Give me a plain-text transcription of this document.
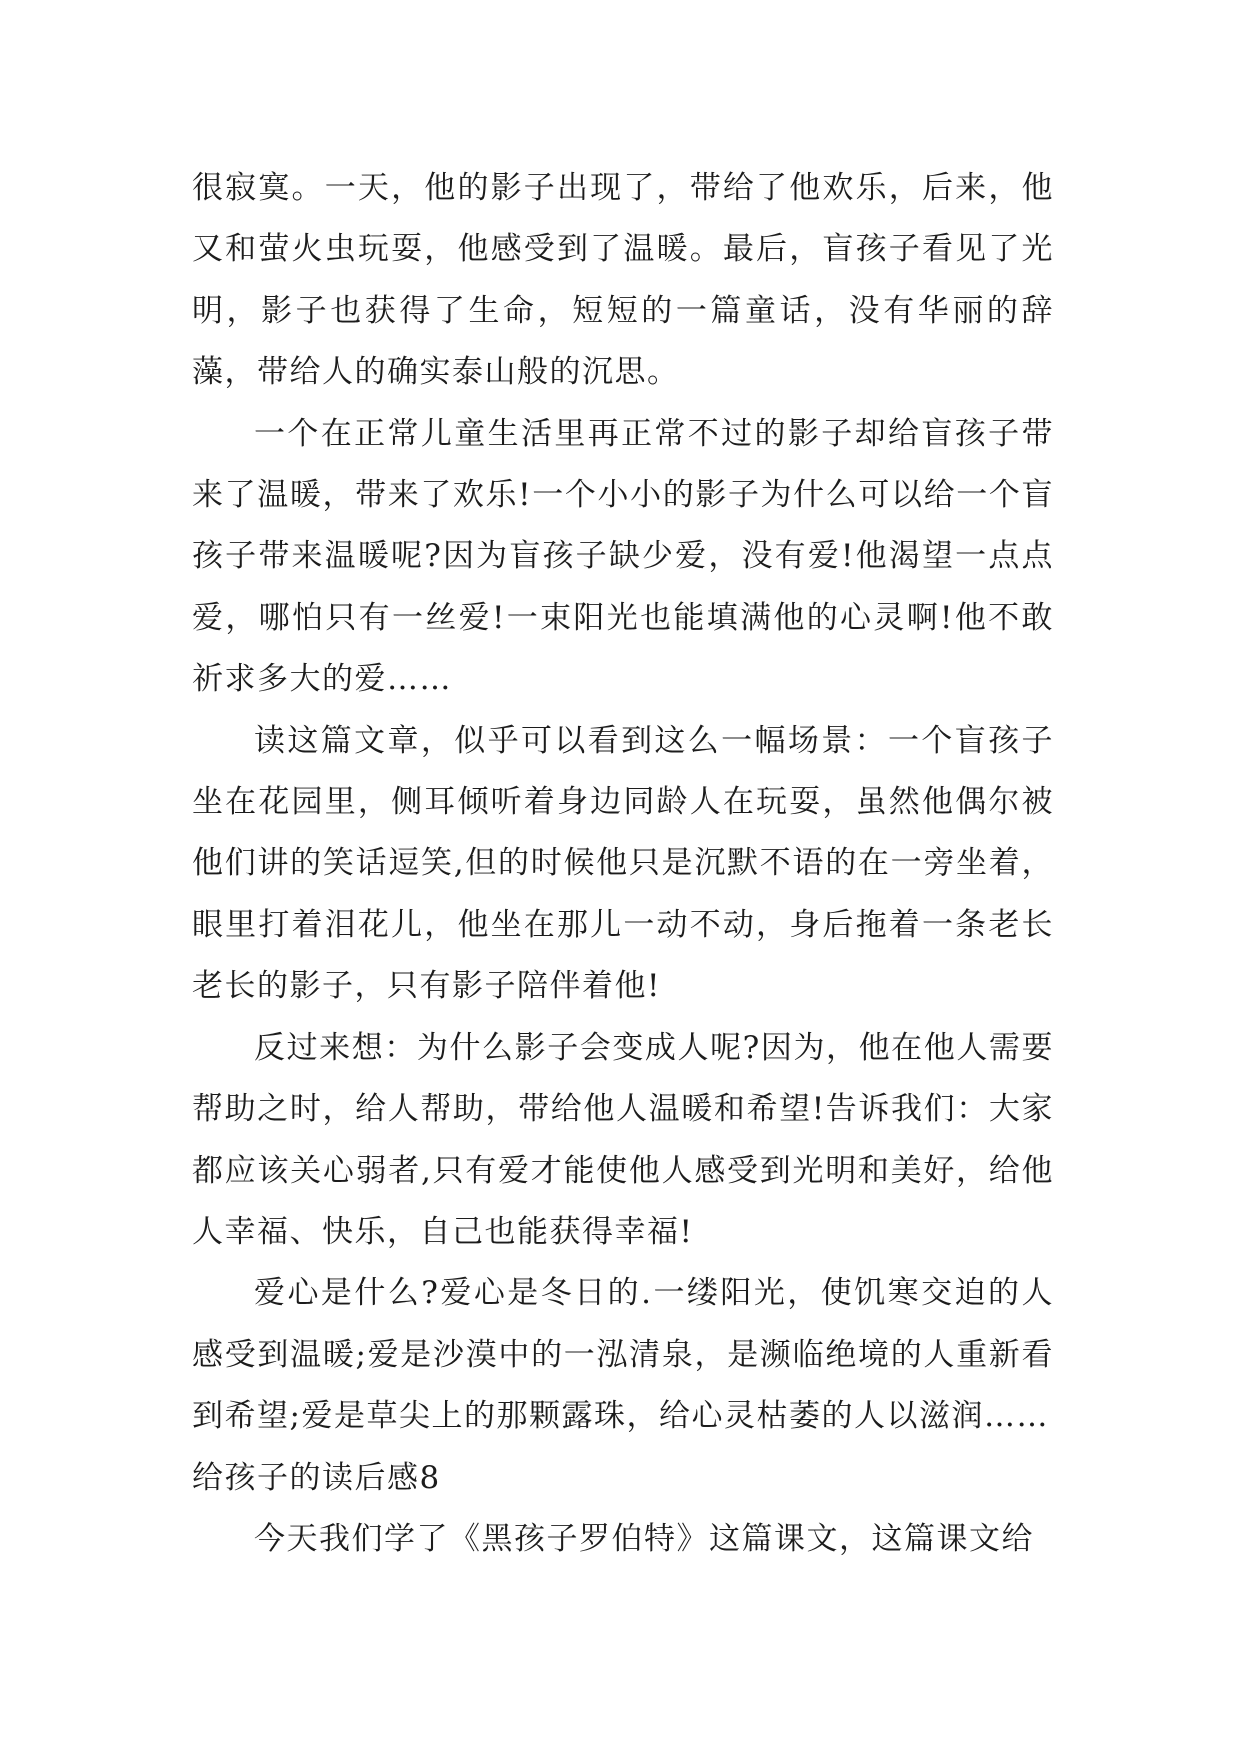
很寂寞。一天，他的影子出现了，带给了他欢乐，后来，他又和萤火虫玩耍，他感受到了温暖。最后，盲孩子看见了光明，影子也获得了生命，短短的一篇童话，没有华丽的辞藻，带给人的确实泰山般的沉思。

一个在正常儿童生活里再正常不过的影子却给盲孩子带来了温暖，带来了欢乐!一个小小的影子为什么可以给一个盲孩子带来温暖呢?因为盲孩子缺少爱，没有爱!他渴望一点点爱，哪怕只有一丝爱!一束阳光也能填满他的心灵啊!他不敢祈求多大的爱……

读这篇文章，似乎可以看到这么一幅场景：一个盲孩子坐在花园里，侧耳倾听着身边同龄人在玩耍，虽然他偶尔被他们讲的笑话逗笑,但的时候他只是沉默不语的在一旁坐着，眼里打着泪花儿，他坐在那儿一动不动，身后拖着一条老长老长的影子，只有影子陪伴着他!

反过来想：为什么影子会变成人呢?因为，他在他人需要帮助之时，给人帮助，带给他人温暖和希望!告诉我们：大家都应该关心弱者,只有爱才能使他人感受到光明和美好，给他人幸福、快乐，自己也能获得幸福!

爱心是什么?爱心是冬日的.一缕阳光，使饥寒交迫的人感受到温暖;爱是沙漠中的一泓清泉，是濒临绝境的人重新看到希望;爱是草尖上的那颗露珠，给心灵枯萎的人以滋润……

给孩子的读后感8

今天我们学了《黑孩子罗伯特》这篇课文，这篇课文给
